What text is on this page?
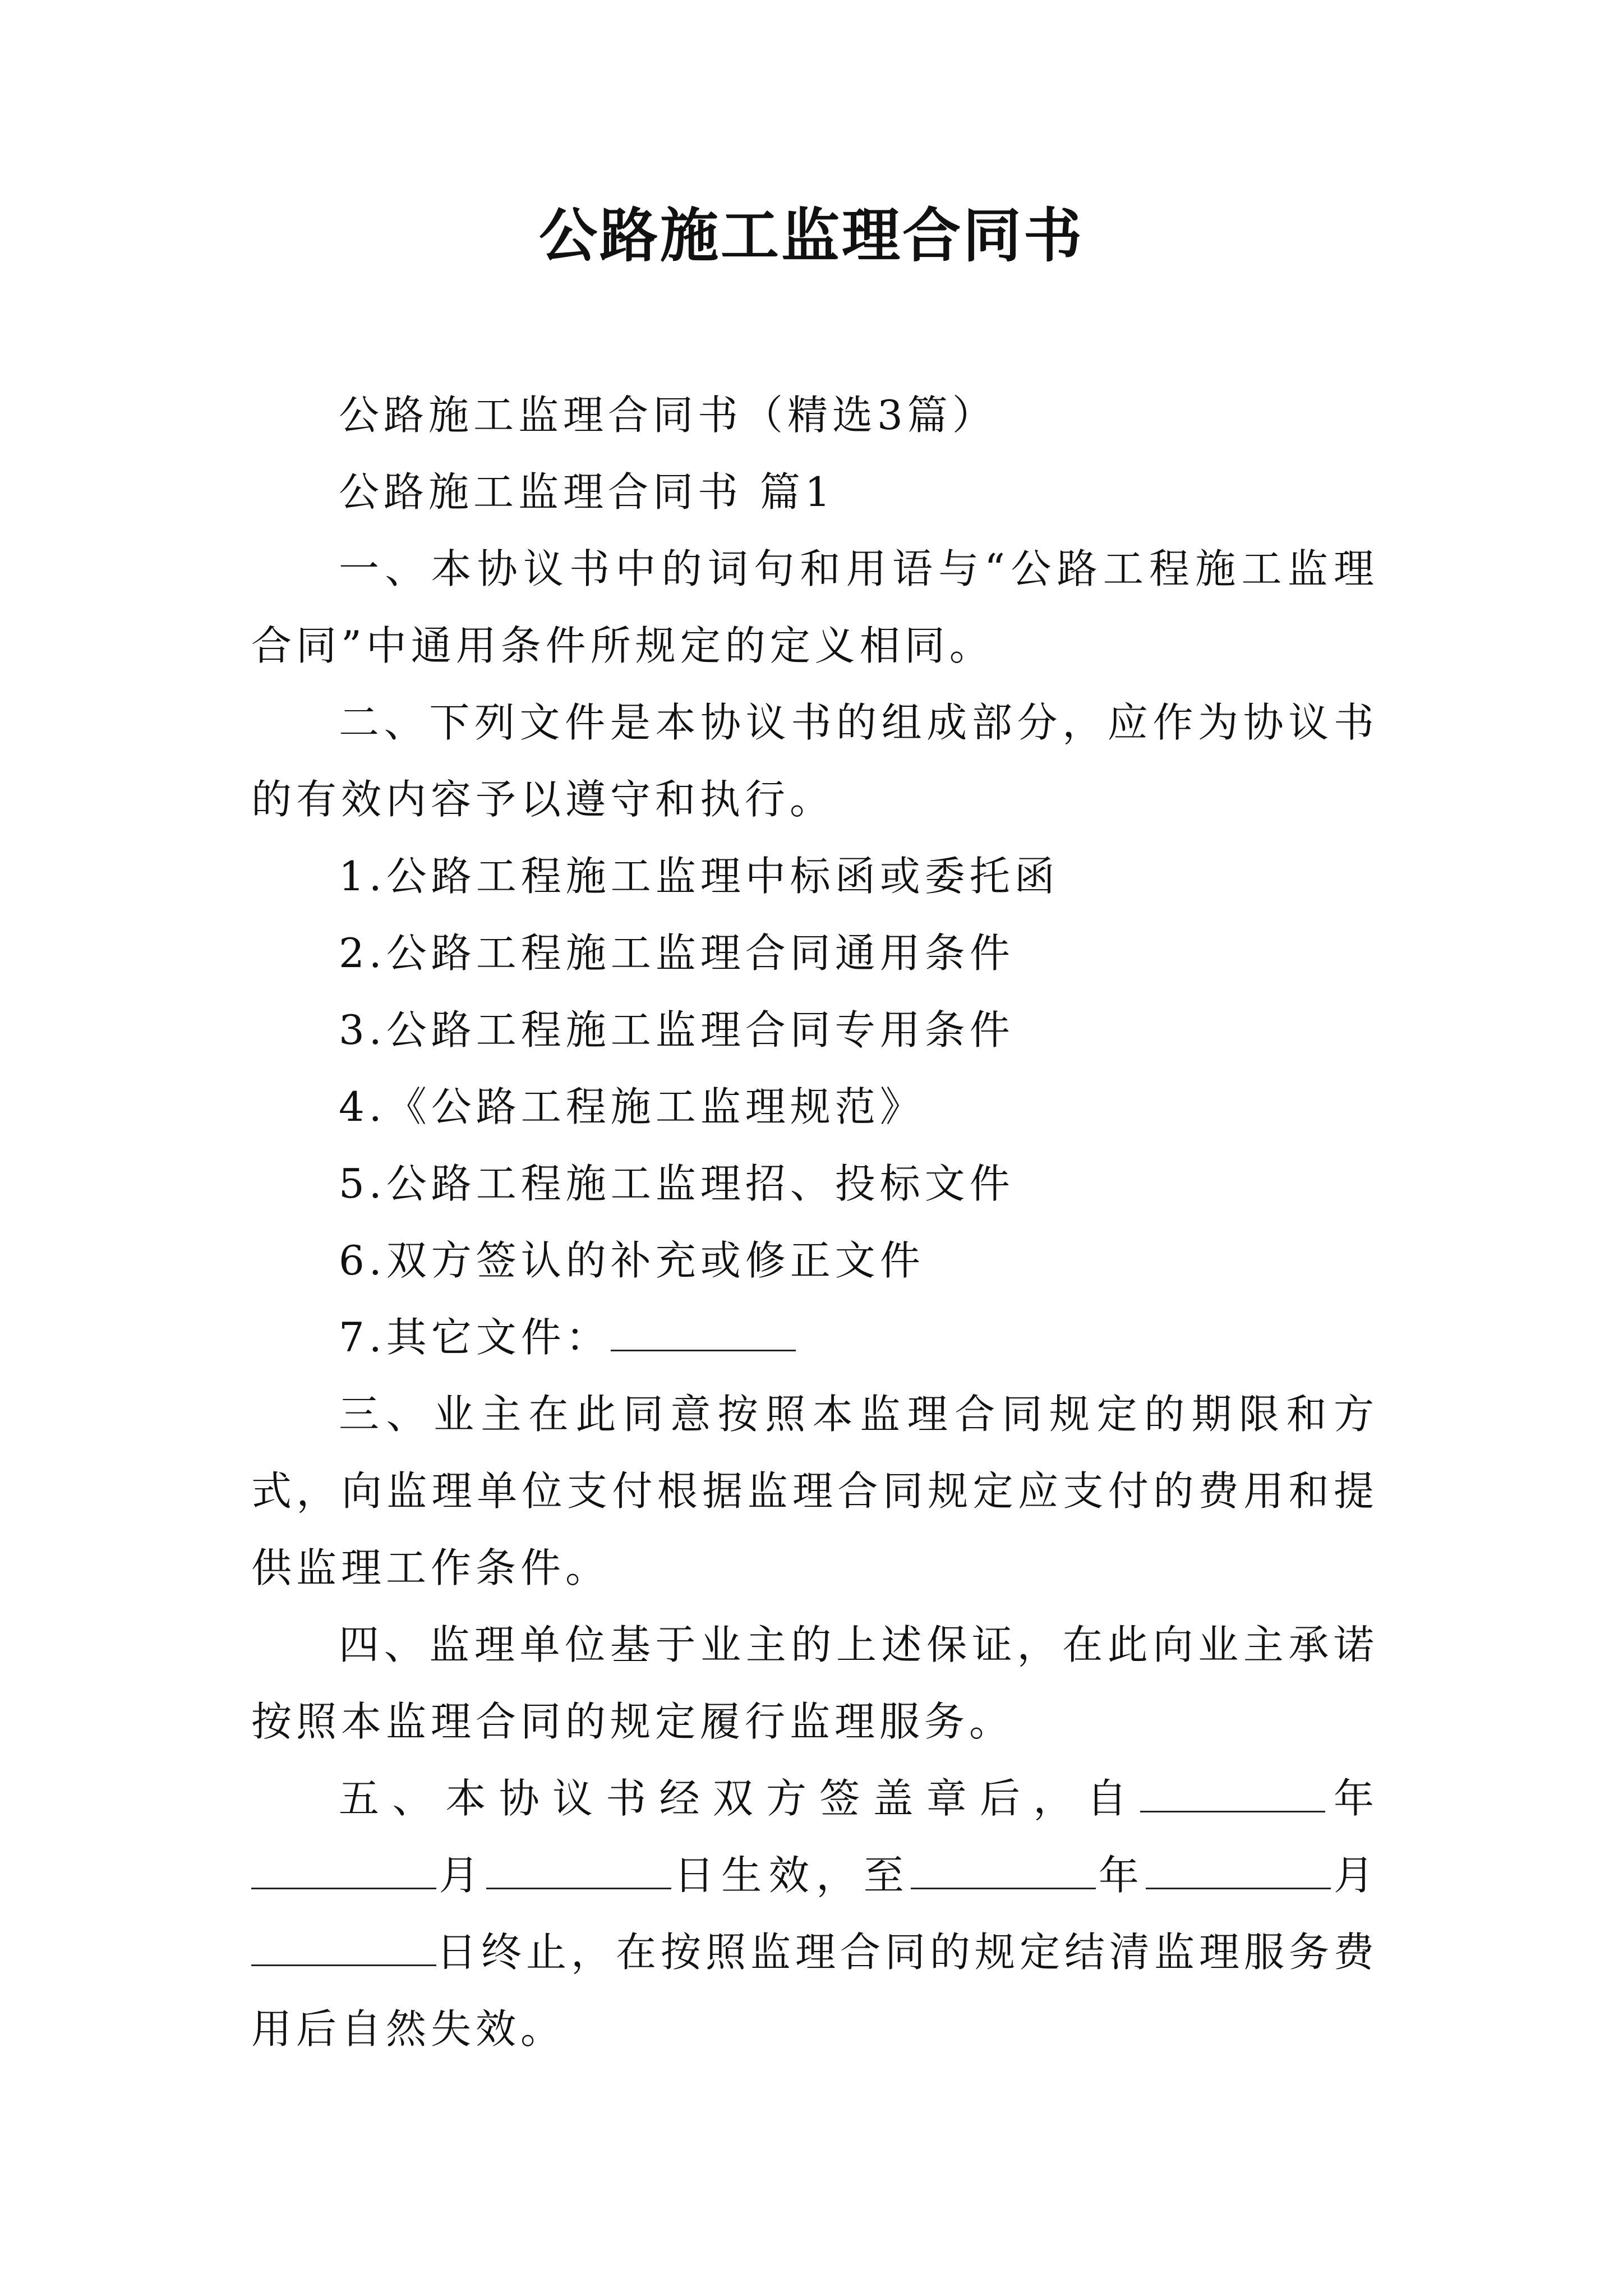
公路施工监理合同书

公路施工监理合同书（精选3篇）

公路施工监理合同书 篇1

一、本协议书中的词句和用语与“公路工程施工监理合同”中通用条件所规定的定义相同。

二、下列文件是本协议书的组成部分，应作为协议书的有效内容予以遵守和执行。

1.公路工程施工监理中标函或委托函

2.公路工程施工监理合同通用条件

3.公路工程施工监理合同专用条件

4.《公路工程施工监理规范》

5.公路工程施工监理招、投标文件

6.双方签认的补充或修正文件

7.其它文件：

三、业主在此同意按照本监理合同规定的期限和方式，向监理单位支付根据监理合同规定应支付的费用和提供监理工作条件。

四、监理单位基于业主的上述保证，在此向业主承诺按照本监理合同的规定履行监理服务。

五、本协议书经双方签盖章后，自	年月	日生效，至	年	月日终止，在按照监理合同的规定结清监理服务费用后自然失效。
